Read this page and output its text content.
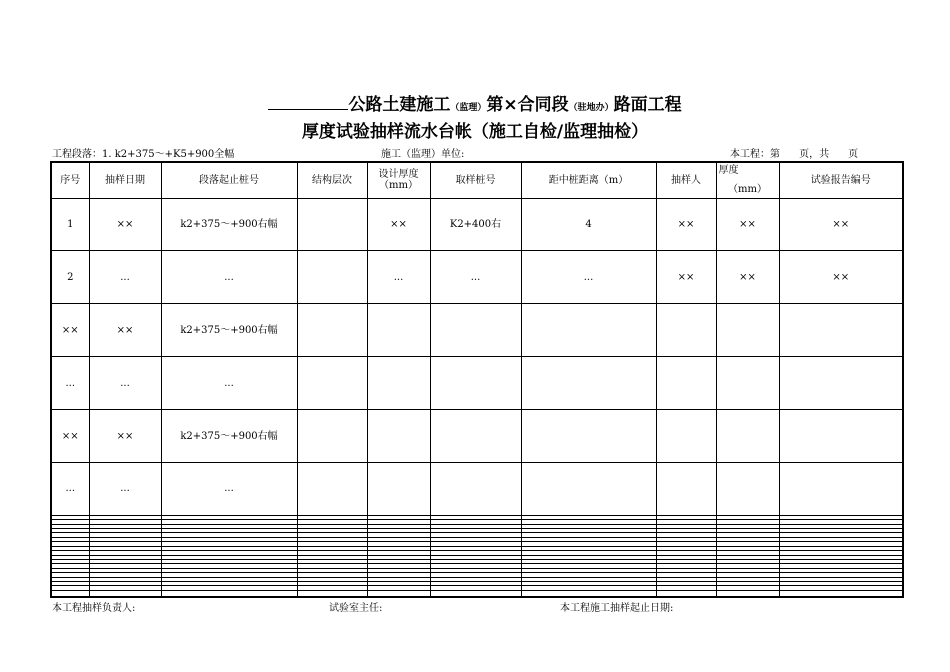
公路土建施工（监理）第×合同段（驻地办）路面工程
厚度试验抽样流水台帐（施工自检/监理抽检）
工程段落：1. k2+375～+K5+900全幅	施工（监理）单位:	本工程：第      页，共      页
序号	抽样日期	段落起止桩号	结构层次	设计厚度（mm）	取样桩号	距中桩距离（m）	抽样人	厚度
（mm）	试验报告编号
1	××	k2+375～+900右幅		××	K2+400右	4	××	××	××
2	...	...		...	...	...	××	××	××
××	××	k2+375～+900右幅							
...	...	...							
××	××	k2+375～+900右幅							
...	...	...							

本工程抽样负责人:	试验室主任:	本工程施工抽样起止日期:
